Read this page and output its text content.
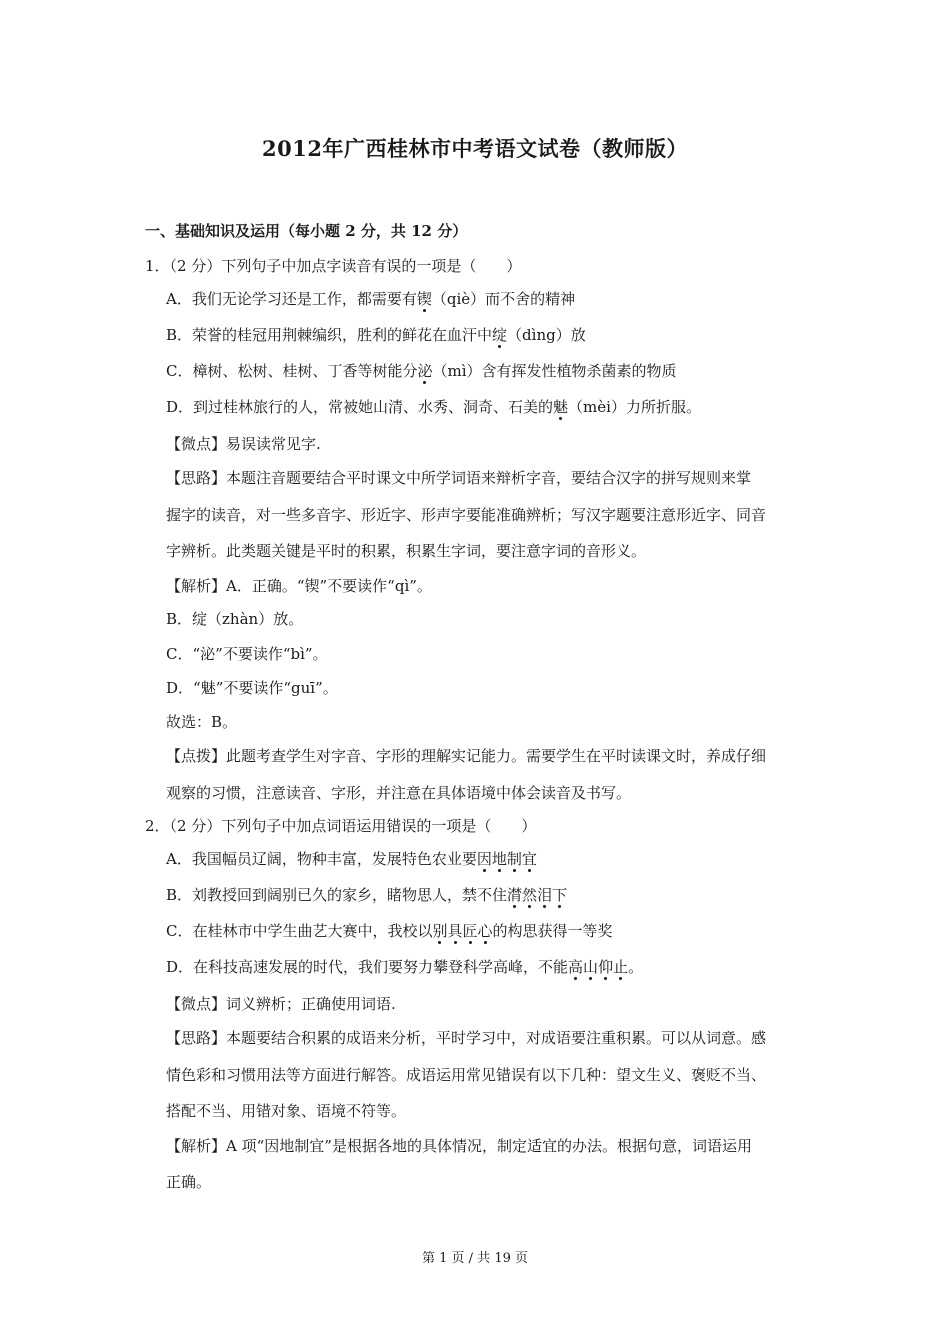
2012年广西桂林市中考语文试卷（教师版）
一、基础知识及运用（每小题 2 分，共 12 分）
1．（2 分）下列句子中加点字读音有误的一项是（　　）
A．我们无论学习还是工作，都需要有锲（qiè）而不舍的精神
B．荣誉的桂冠用荆棘编织，胜利的鲜花在血汗中绽（dìng）放
C．樟树、松树、桂树、丁香等树能分泌（mì）含有挥发性植物杀菌素的物质
D．到过桂林旅行的人，常被她山清、水秀、洞奇、石美的魅（mèi）力所折服。
【微点】易误读常见字.
【思路】本题注音题要结合平时课文中所学词语来辩析字音，要结合汉字的拼写规则来掌
握字的读音，对一些多音字、形近字、形声字要能准确辨析；写汉字题要注意形近字、同音
字辨析。此类题关键是平时的积累，积累生字词，要注意字词的音形义。
【解析】A．正确。“锲”不要读作“qì”。
B．绽（zhàn）放。
C．“泌”不要读作“bì”。
D．“魅”不要读作“guī”。
故选：B。
【点拨】此题考查学生对字音、字形的理解实记能力。需要学生在平时读课文时，养成仔细
观察的习惯，注意读音、字形，并注意在具体语境中体会读音及书写。
2．（2 分）下列句子中加点词语运用错误的一项是（　　）
A．我国幅员辽阔，物种丰富，发展特色农业要因地制宜
B．刘教授回到阔别已久的家乡，睹物思人，禁不住潸然泪下
C．在桂林市中学生曲艺大赛中，我校以别具匠心的构思获得一等奖
D．在科技高速发展的时代，我们要努力攀登科学高峰，不能高山仰止。
【微点】词义辨析；正确使用词语.
【思路】本题要结合积累的成语来分析，平时学习中，对成语要注重积累。可以从词意。感
情色彩和习惯用法等方面进行解答。成语运用常见错误有以下几种：望文生义、褒贬不当、
搭配不当、用错对象、语境不符等。
【解析】A 项“因地制宜”是根据各地的具体情况，制定适宜的办法。根据句意，词语运用
正确。
第 1 页 / 共 19 页
